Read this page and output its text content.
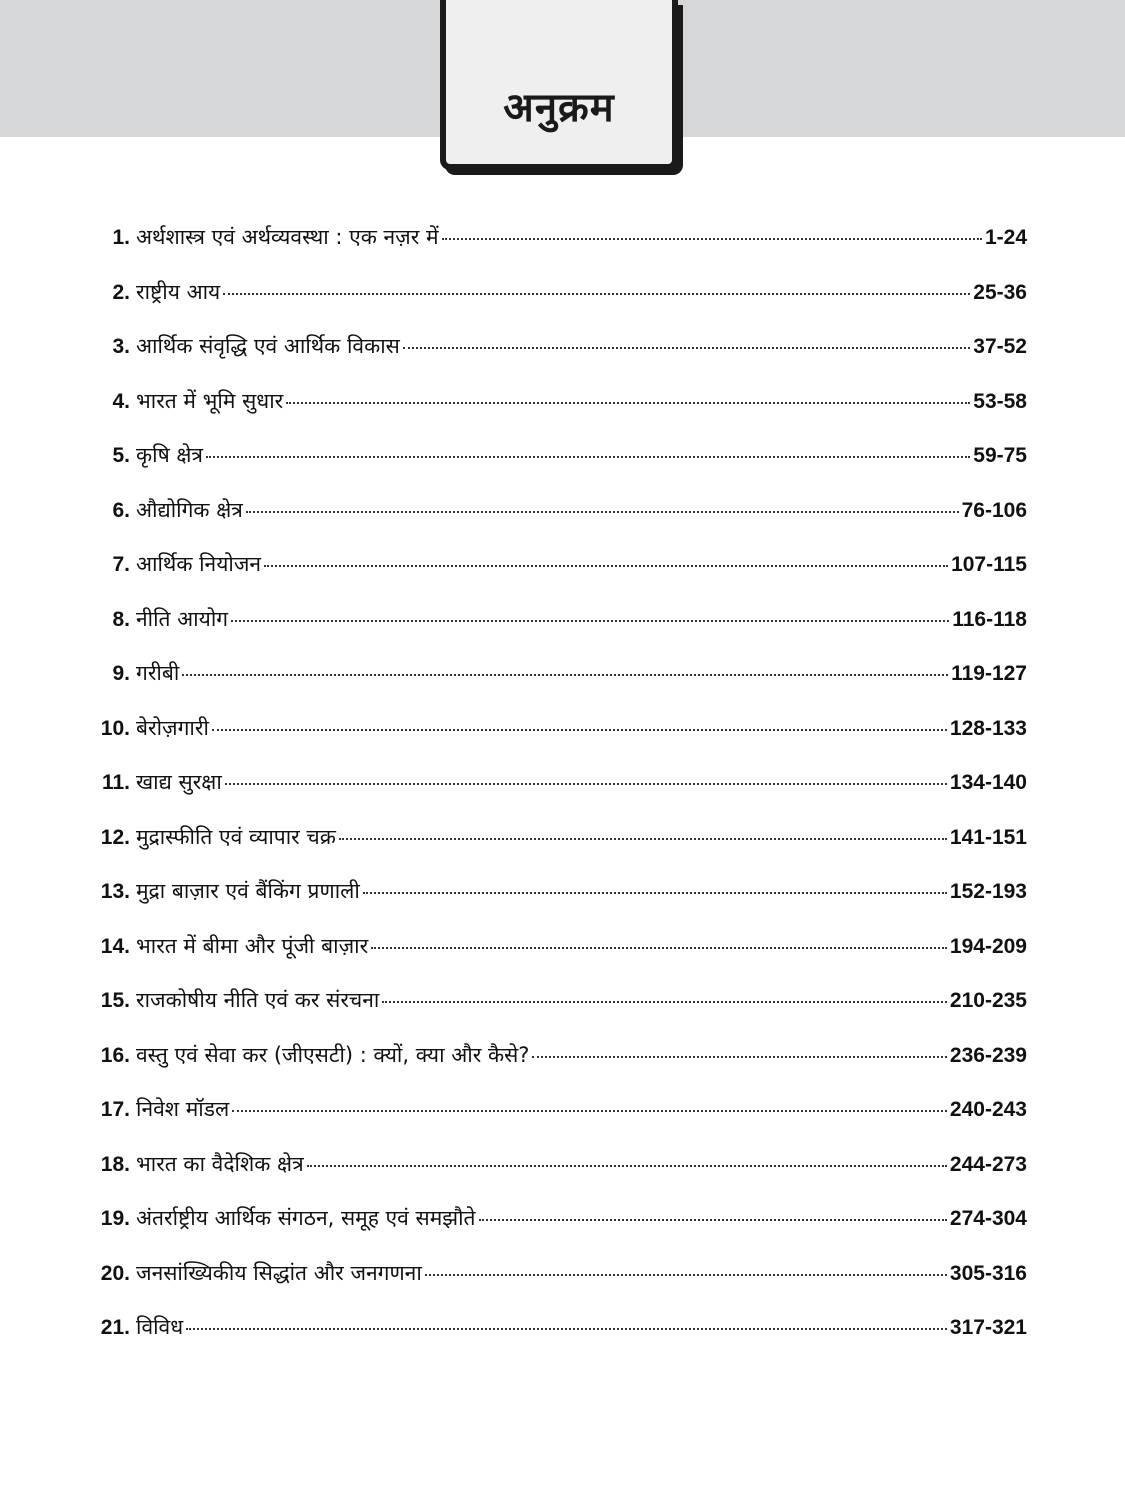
अनुक्रम
1. अर्थशास्त्र एवं अर्थव्यवस्था : एक नज़र में	1-24
2. राष्ट्रीय आय	25-36
3. आर्थिक संवृद्धि एवं आर्थिक विकास	37-52
4. भारत में भूमि सुधार	53-58
5. कृषि क्षेत्र	59-75
6. औद्योगिक क्षेत्र	76-106
7. आर्थिक नियोजन	107-115
8. नीति आयोग	116-118
9. गरीबी	119-127
10. बेरोज़गारी	128-133
11. खाद्य सुरक्षा	134-140
12. मुद्रास्फीति एवं व्यापार चक्र	141-151
13. मुद्रा बाज़ार एवं बैंकिंग प्रणाली	152-193
14. भारत में बीमा और पूंजी बाज़ार	194-209
15. राजकोषीय नीति एवं कर संरचना	210-235
16. वस्तु एवं सेवा कर (जीएसटी) : क्यों, क्या और कैसे?	236-239
17. निवेश मॉडल	240-243
18. भारत का वैदेशिक क्षेत्र	244-273
19. अंतर्राष्ट्रीय आर्थिक संगठन, समूह एवं समझौते	274-304
20. जनसांख्यिकीय सिद्धांत और जनगणना	305-316
21. विविध	317-321
